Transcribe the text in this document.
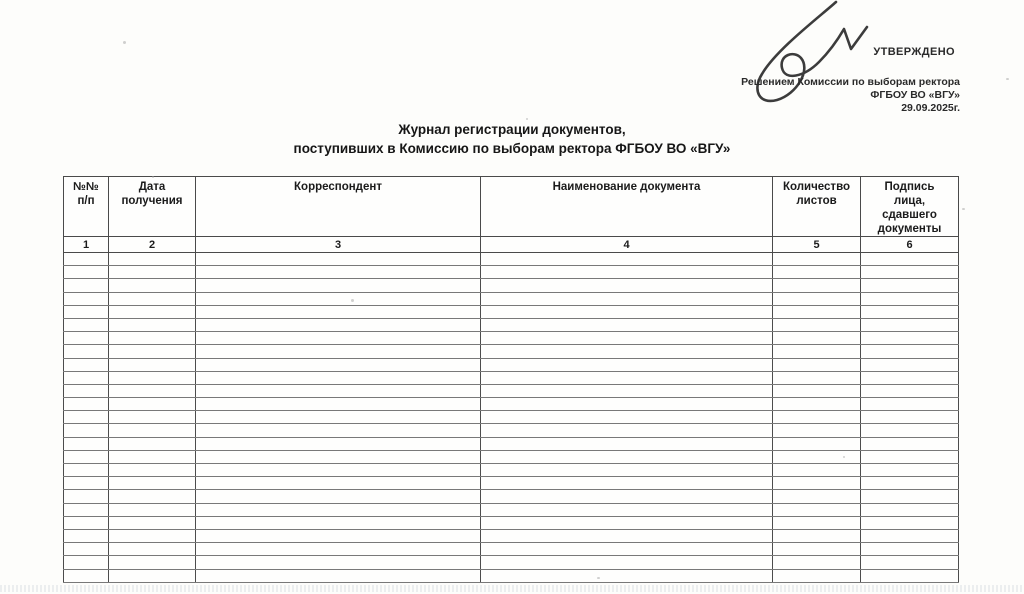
УТВЕРЖДЕНО
Решением Комиссии по выборам ректора
ФГБОУ ВО «ВГУ»
29.09.2025г.
Журнал регистрации документов,
поступивших в Комиссию по выборам ректора ФГБОУ ВО «ВГУ»
№№ п/п	Дата получения	Корреспондент	Наименование документа	Количество листов	Подпись лица, сдавшего документы
1	2	3	4	5	6
